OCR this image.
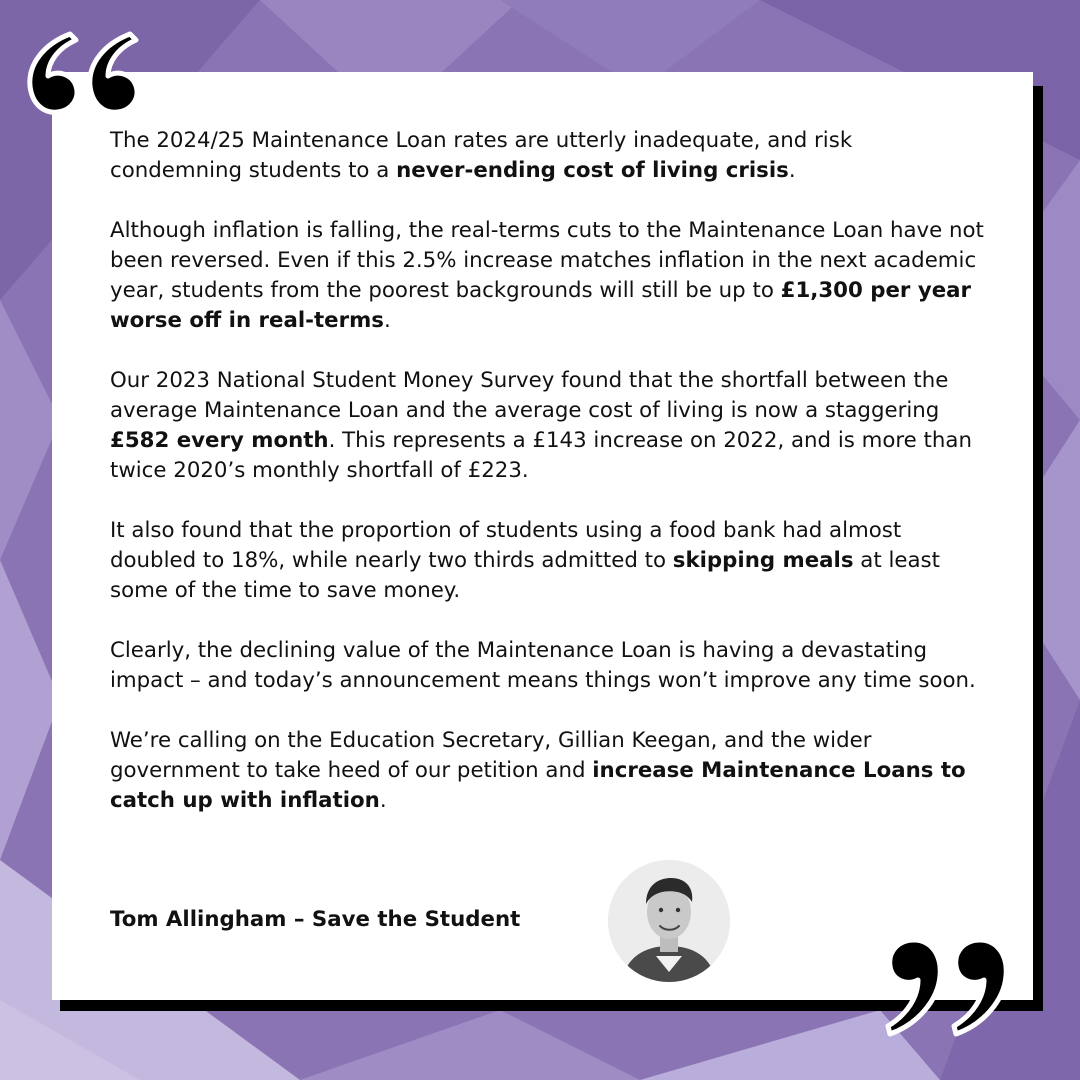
The 2024/25 Maintenance Loan rates are utterly inadequate, and risk condemning students to a never-ending cost of living crisis.

Although inflation is falling, the real-terms cuts to the Maintenance Loan have not been reversed. Even if this 2.5% increase matches inflation in the next academic year, students from the poorest backgrounds will still be up to £1,300 per year worse off in real-terms.

Our 2023 National Student Money Survey found that the shortfall between the average Maintenance Loan and the average cost of living is now a staggering £582 every month. This represents a £143 increase on 2022, and is more than twice 2020’s monthly shortfall of £223.

It also found that the proportion of students using a food bank had almost doubled to 18%, while nearly two thirds admitted to skipping meals at least some of the time to save money.

Clearly, the declining value of the Maintenance Loan is having a devastating impact – and today’s announcement means things won’t improve any time soon.

We’re calling on the Education Secretary, Gillian Keegan, and the wider government to take heed of our petition and increase Maintenance Loans to catch up with inflation.

Tom Allingham – Save the Student
